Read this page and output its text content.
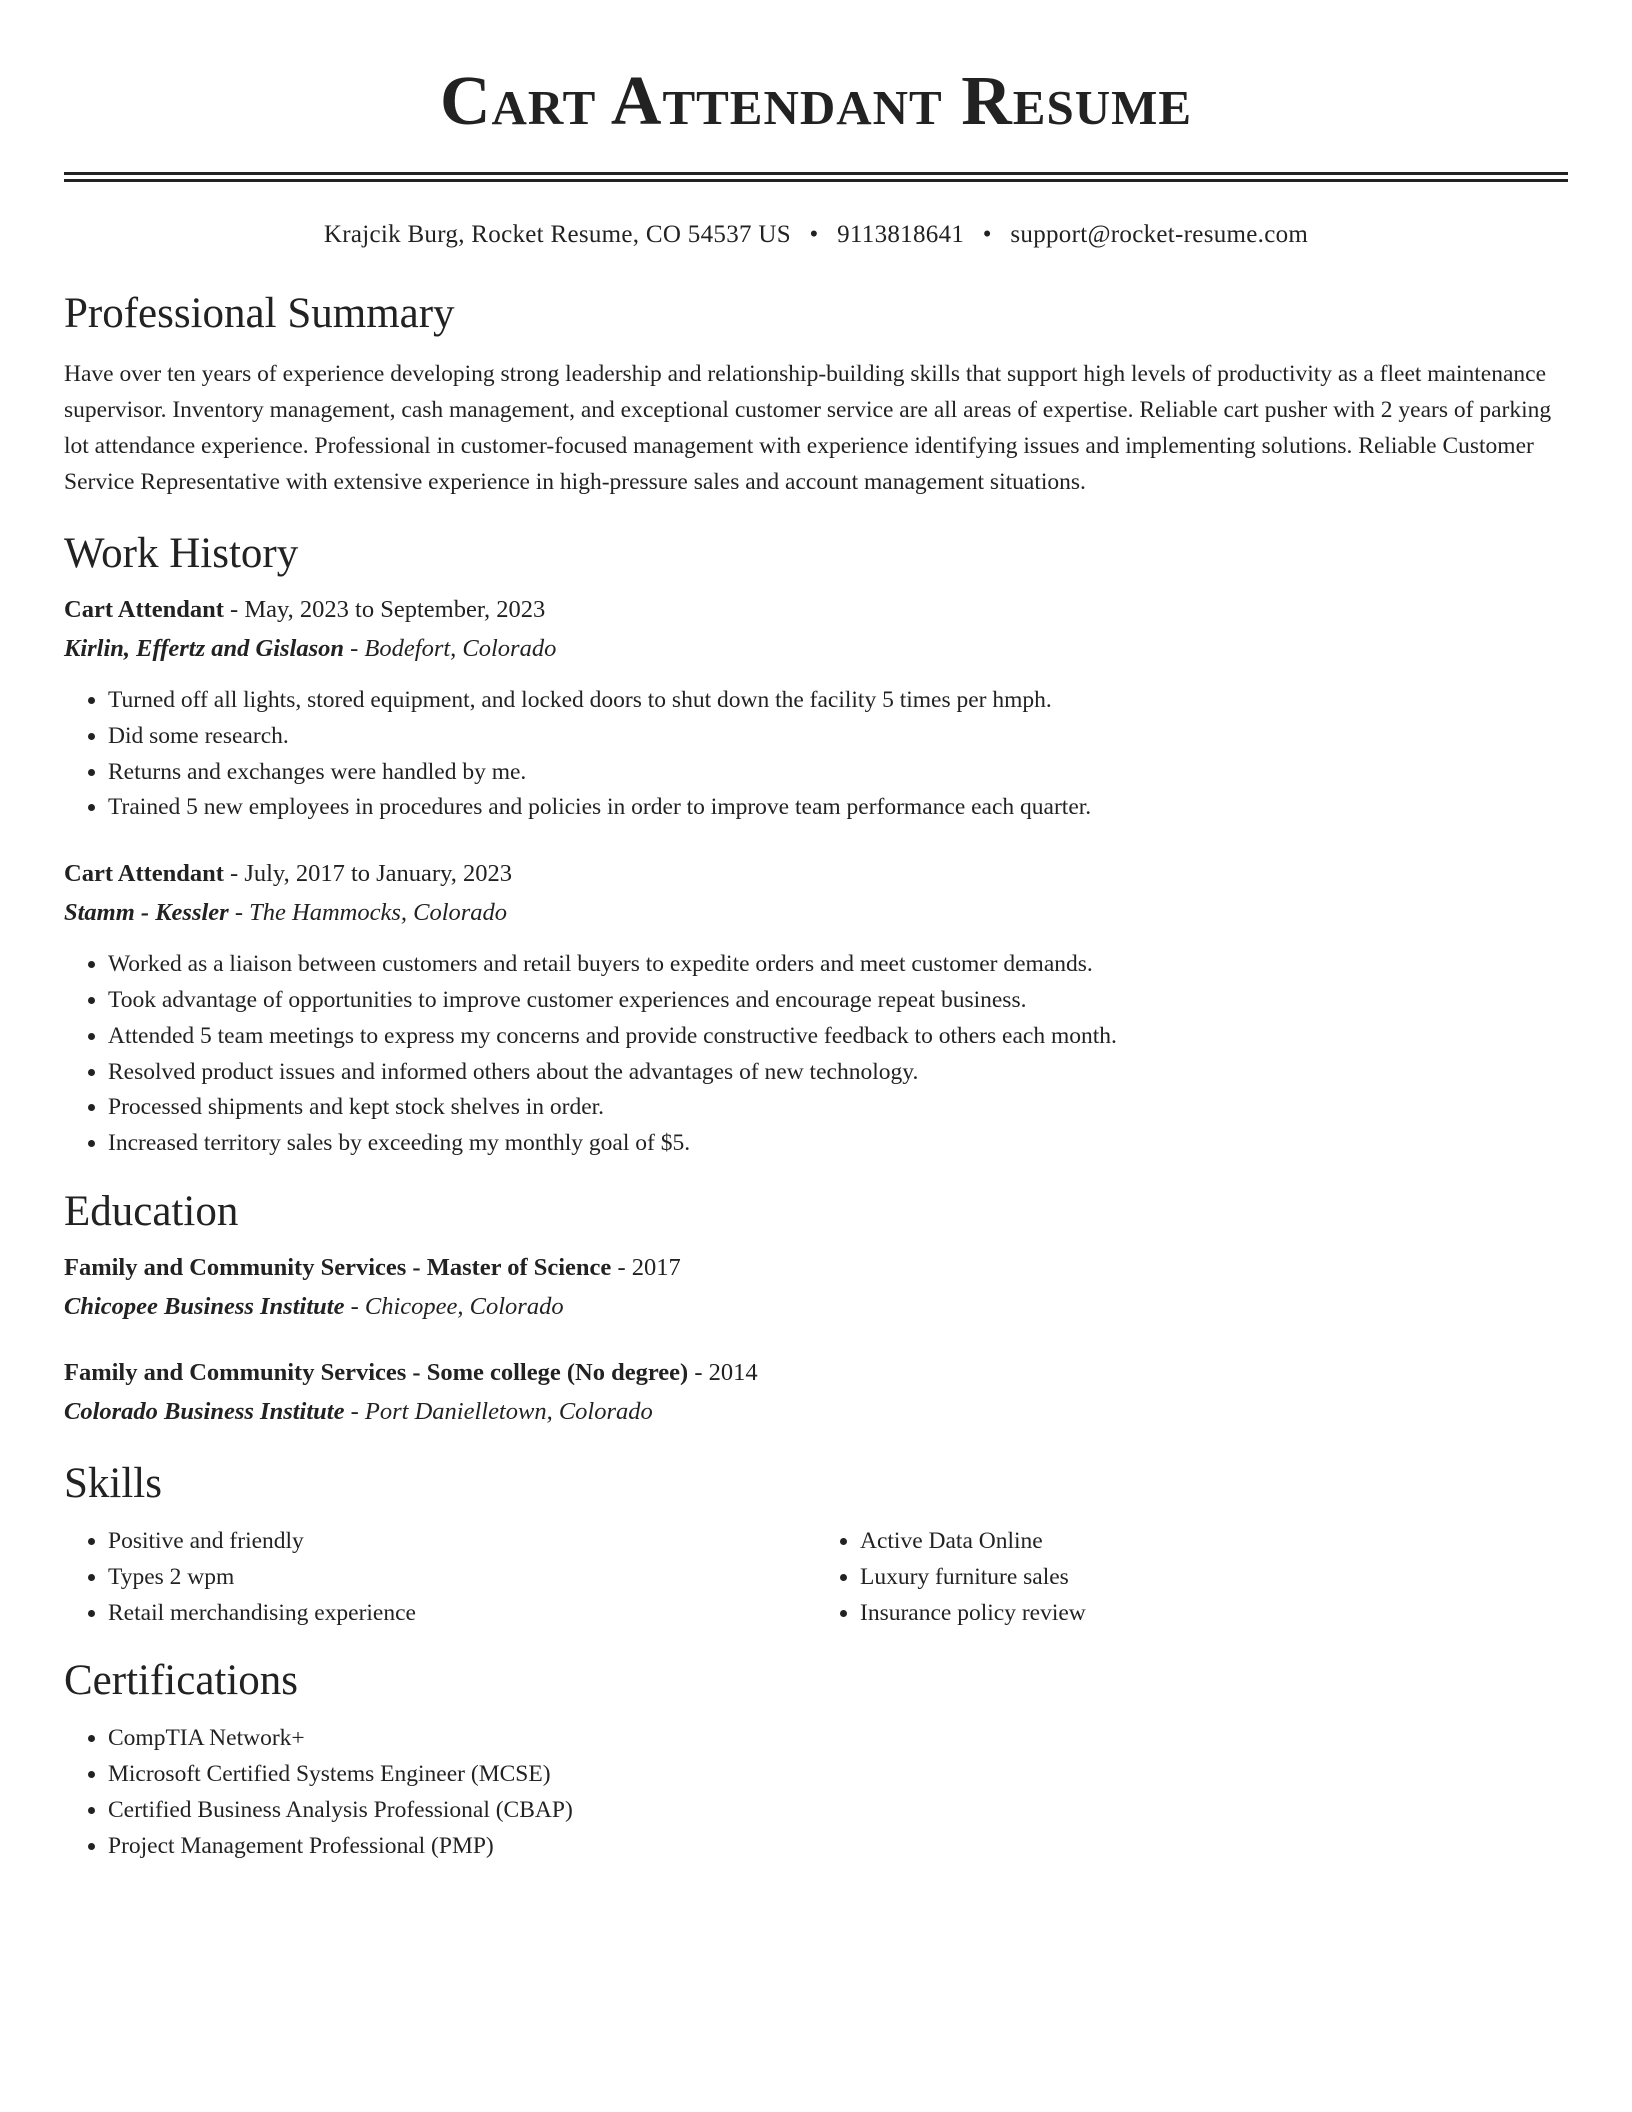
Cart Attendant Resume
Krajcik Burg, Rocket Resume, CO 54537 US • 9113818641 • support@rocket-resume.com
Professional Summary

Have over ten years of experience developing strong leadership and relationship-building skills that support high levels of productivity as a fleet maintenance supervisor. Inventory management, cash management, and exceptional customer service are all areas of expertise. Reliable cart pusher with 2 years of parking lot attendance experience. Professional in customer-focused management with experience identifying issues and implementing solutions. Reliable Customer Service Representative with extensive experience in high-pressure sales and account management situations.

Work History
Cart Attendant - May, 2023 to September, 2023
Kirlin, Effertz and Gislason - Bodefort, Colorado
• Turned off all lights, stored equipment, and locked doors to shut down the facility 5 times per hmph.
• Did some research.
• Returns and exchanges were handled by me.
• Trained 5 new employees in procedures and policies in order to improve team performance each quarter.
Cart Attendant - July, 2017 to January, 2023
Stamm - Kessler - The Hammocks, Colorado
• Worked as a liaison between customers and retail buyers to expedite orders and meet customer demands.
• Took advantage of opportunities to improve customer experiences and encourage repeat business.
• Attended 5 team meetings to express my concerns and provide constructive feedback to others each month.
• Resolved product issues and informed others about the advantages of new technology.
• Processed shipments and kept stock shelves in order.
• Increased territory sales by exceeding my monthly goal of $5.
Education
Family and Community Services - Master of Science - 2017
Chicopee Business Institute - Chicopee, Colorado
Family and Community Services - Some college (No degree) - 2014
Colorado Business Institute - Port Danielletown, Colorado
Skills
• Positive and friendly
• Types 2 wpm
• Retail merchandising experience
• Active Data Online
• Luxury furniture sales
• Insurance policy review
Certifications
• CompTIA Network+
• Microsoft Certified Systems Engineer (MCSE)
• Certified Business Analysis Professional (CBAP)
• Project Management Professional (PMP)
